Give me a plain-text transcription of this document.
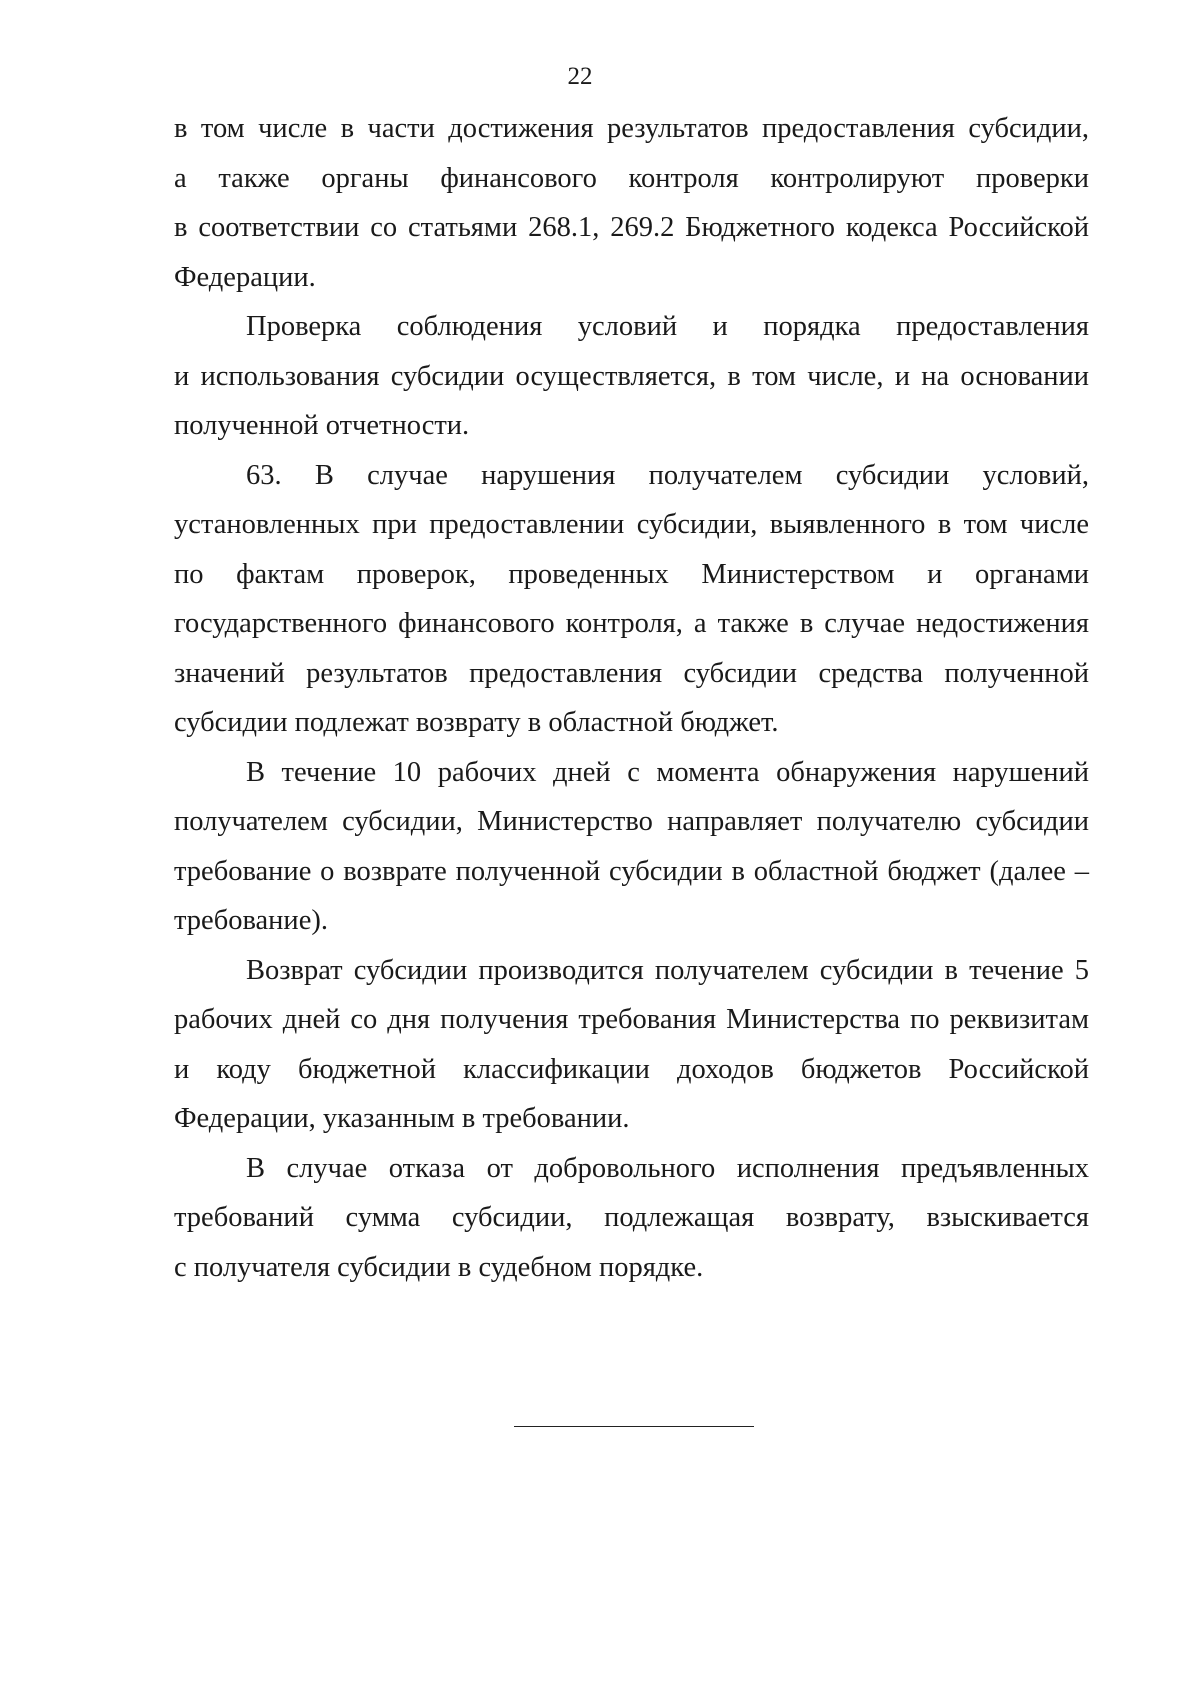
22
в том числе в части достижения результатов предоставления субсидии,
а также органы финансового контроля контролируют проверки
в соответствии со статьями 268.1, 269.2 Бюджетного кодекса Российской
Федерации.
Проверка соблюдения условий и порядка предоставления
и использования субсидии осуществляется, в том числе, и на основании
полученной отчетности.
63. В случае нарушения получателем субсидии условий,
установленных при предоставлении субсидии, выявленного в том числе
по фактам проверок, проведенных Министерством и органами
государственного финансового контроля, а также в случае недостижения
значений результатов предоставления субсидии средства полученной
субсидии подлежат возврату в областной бюджет.
В течение 10 рабочих дней с момента обнаружения нарушений
получателем субсидии, Министерство направляет получателю субсидии
требование о возврате полученной субсидии в областной бюджет (далее –
требование).
Возврат субсидии производится получателем субсидии в течение 5
рабочих дней со дня получения требования Министерства по реквизитам
и коду бюджетной классификации доходов бюджетов Российской
Федерации, указанным в требовании.
В случае отказа от добровольного исполнения предъявленных
требований сумма субсидии, подлежащая возврату, взыскивается
с получателя субсидии в судебном порядке.
